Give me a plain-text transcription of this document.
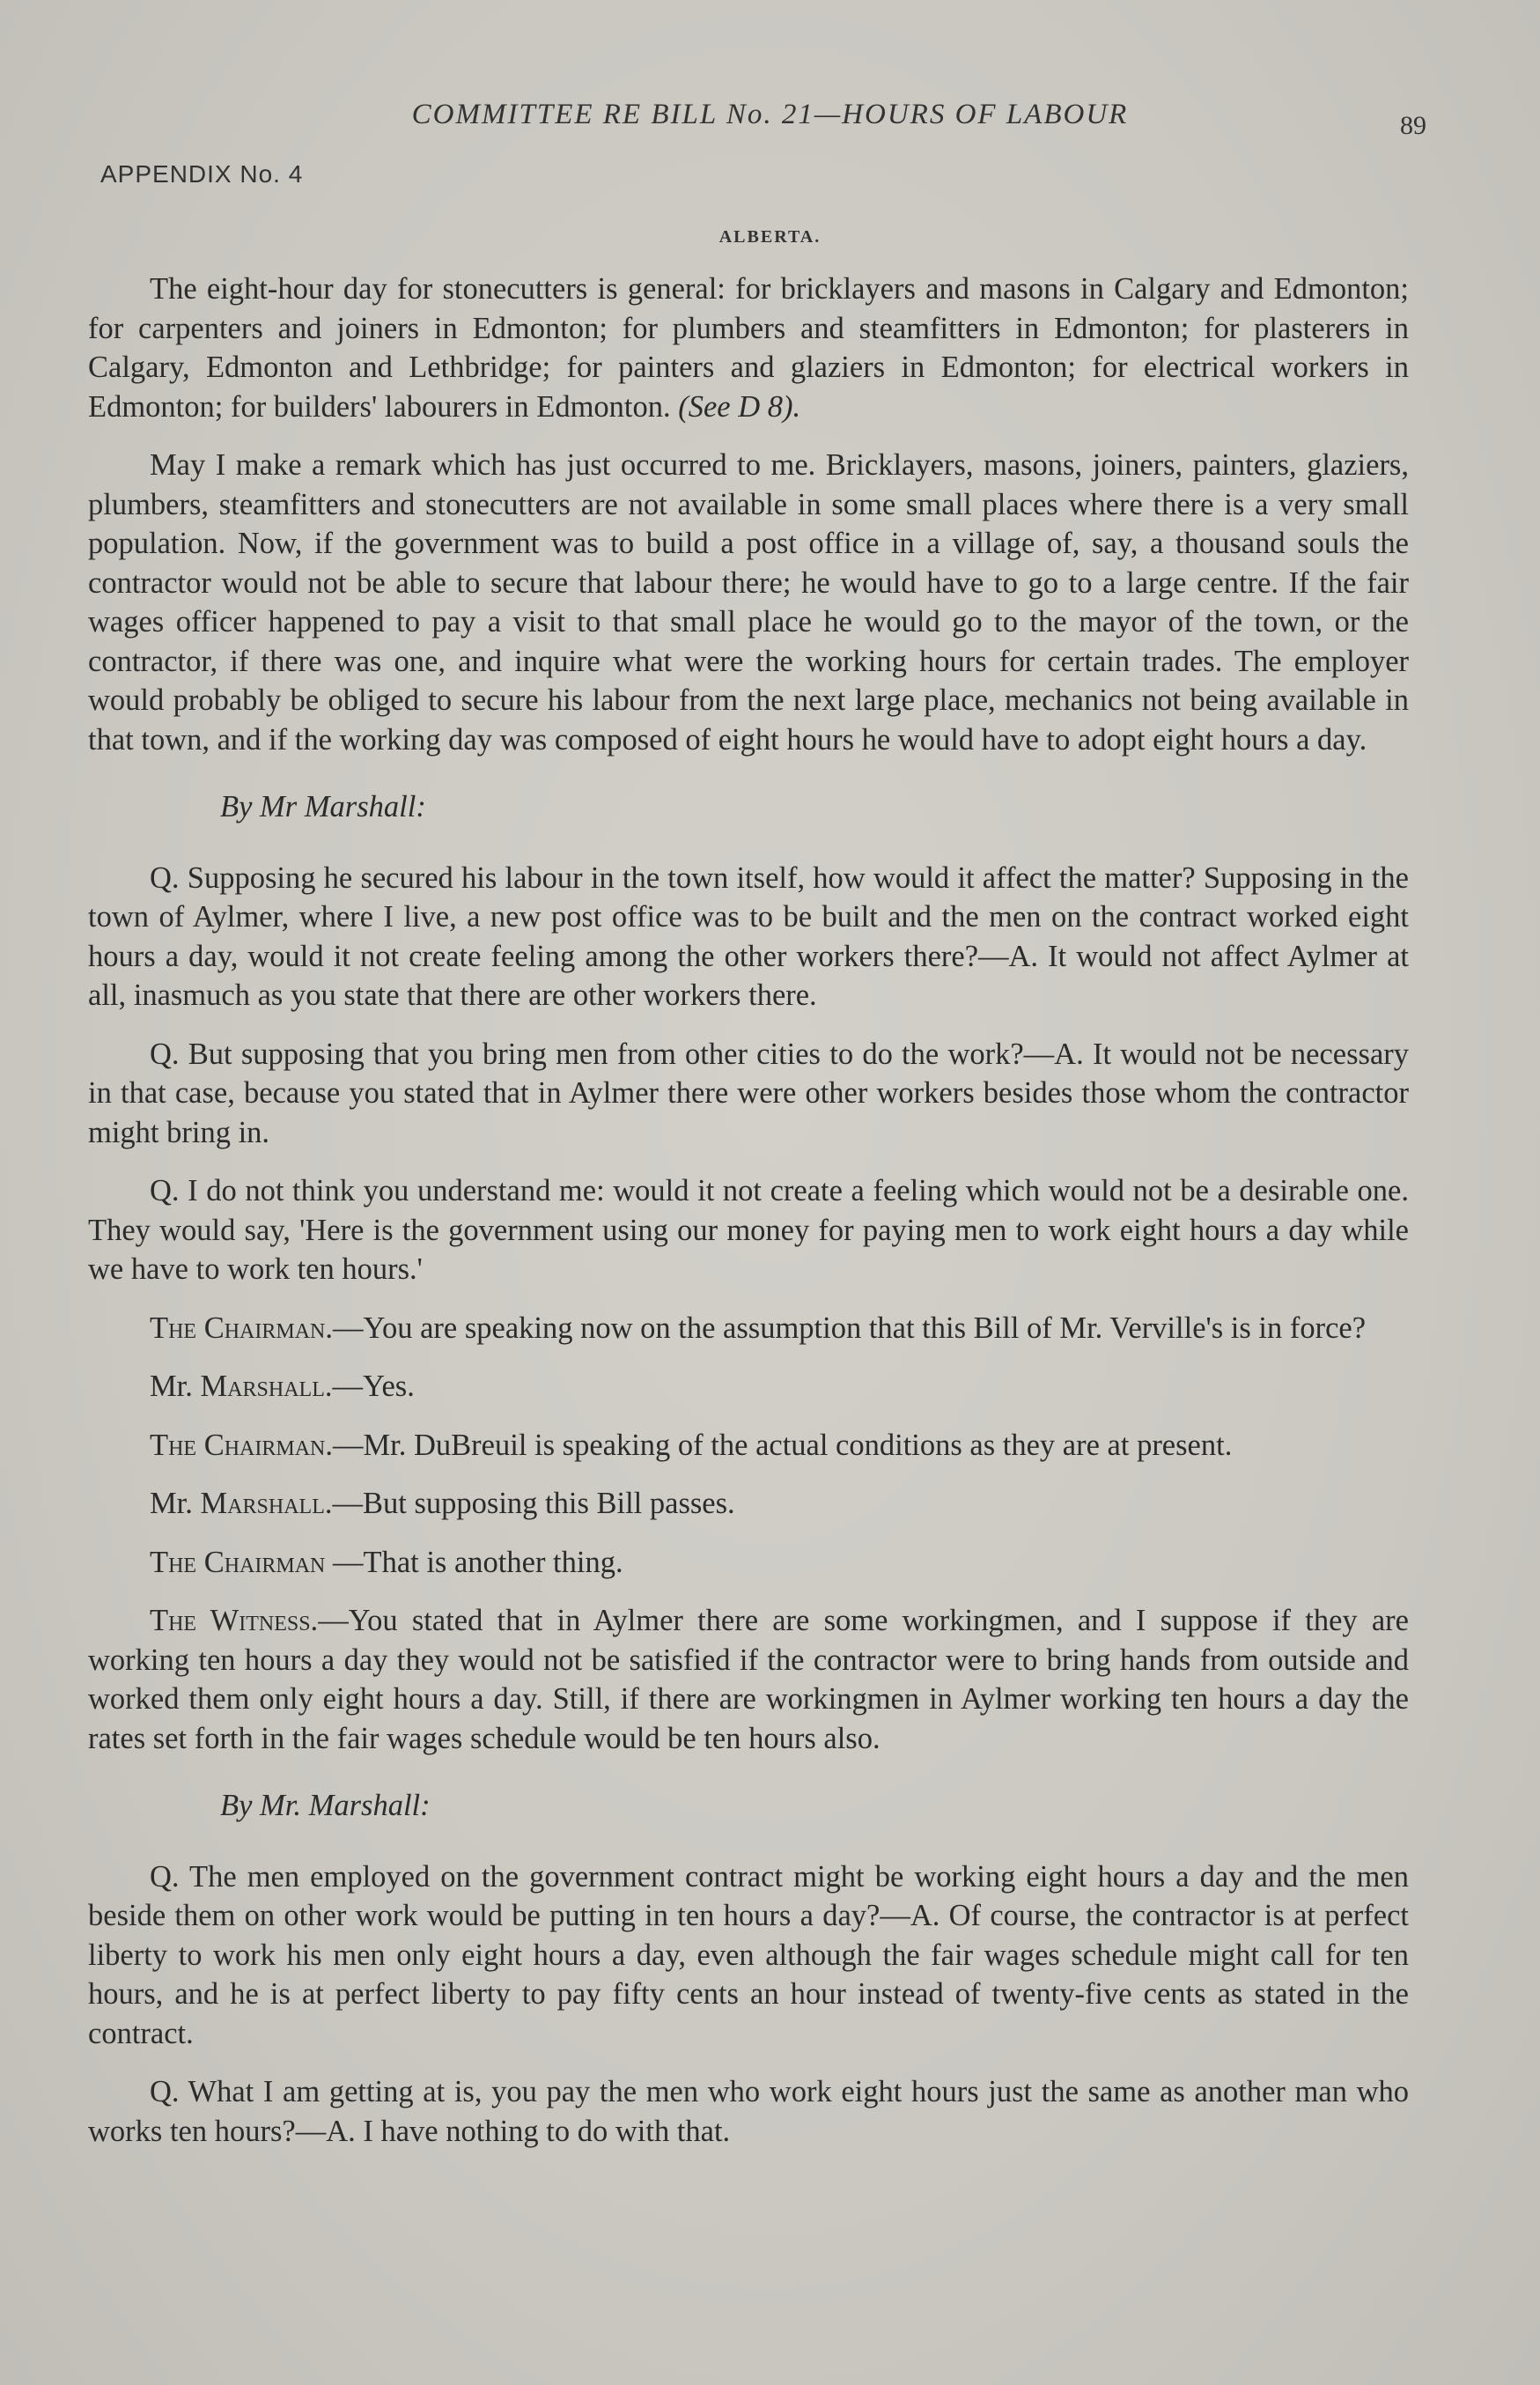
COMMITTEE RE BILL No. 21—HOURS OF LABOUR	89
APPENDIX No. 4
ALBERTA.

The eight-hour day for stonecutters is general: for bricklayers and masons in Calgary and Edmonton; for carpenters and joiners in Edmonton; for plumbers and steamfitters in Edmonton; for plasterers in Calgary, Edmonton and Lethbridge; for painters and glaziers in Edmonton; for electrical workers in Edmonton; for builders' labourers in Edmonton. (See D 8).

May I make a remark which has just occurred to me. Bricklayers, masons, joiners, painters, glaziers, plumbers, steamfitters and stonecutters are not available in some small places where there is a very small population. Now, if the government was to build a post office in a village of, say, a thousand souls the contractor would not be able to secure that labour there; he would have to go to a large centre. If the fair wages officer happened to pay a visit to that small place he would go to the mayor of the town, or the contractor, if there was one, and inquire what were the working hours for certain trades. The employer would probably be obliged to secure his labour from the next large place, mechanics not being available in that town, and if the working day was composed of eight hours he would have to adopt eight hours a day.

By Mr Marshall:

Q. Supposing he secured his labour in the town itself, how would it affect the matter? Supposing in the town of Aylmer, where I live, a new post office was to be built and the men on the contract worked eight hours a day, would it not create feeling among the other workers there?—A. It would not affect Aylmer at all, inasmuch as you state that there are other workers there.

Q. But supposing that you bring men from other cities to do the work?—A. It would not be necessary in that case, because you stated that in Aylmer there were other workers besides those whom the contractor might bring in.

Q. I do not think you understand me: would it not create a feeling which would not be a desirable one. They would say, 'Here is the government using our money for paying men to work eight hours a day while we have to work ten hours.'

The Chairman.—You are speaking now on the assumption that this Bill of Mr. Verville's is in force?

Mr. Marshall.—Yes.

The Chairman.—Mr. DuBreuil is speaking of the actual conditions as they are at present.

Mr. Marshall.—But supposing this Bill passes.

The Chairman —That is another thing.

The Witness.—You stated that in Aylmer there are some workingmen, and I suppose if they are working ten hours a day they would not be satisfied if the contractor were to bring hands from outside and worked them only eight hours a day. Still, if there are workingmen in Aylmer working ten hours a day the rates set forth in the fair wages schedule would be ten hours also.

By Mr. Marshall:

Q. The men employed on the government contract might be working eight hours a day and the men beside them on other work would be putting in ten hours a day?—A. Of course, the contractor is at perfect liberty to work his men only eight hours a day, even although the fair wages schedule might call for ten hours, and he is at perfect liberty to pay fifty cents an hour instead of twenty-five cents as stated in the contract.

Q. What I am getting at is, you pay the men who work eight hours just the same as another man who works ten hours?—A. I have nothing to do with that.
